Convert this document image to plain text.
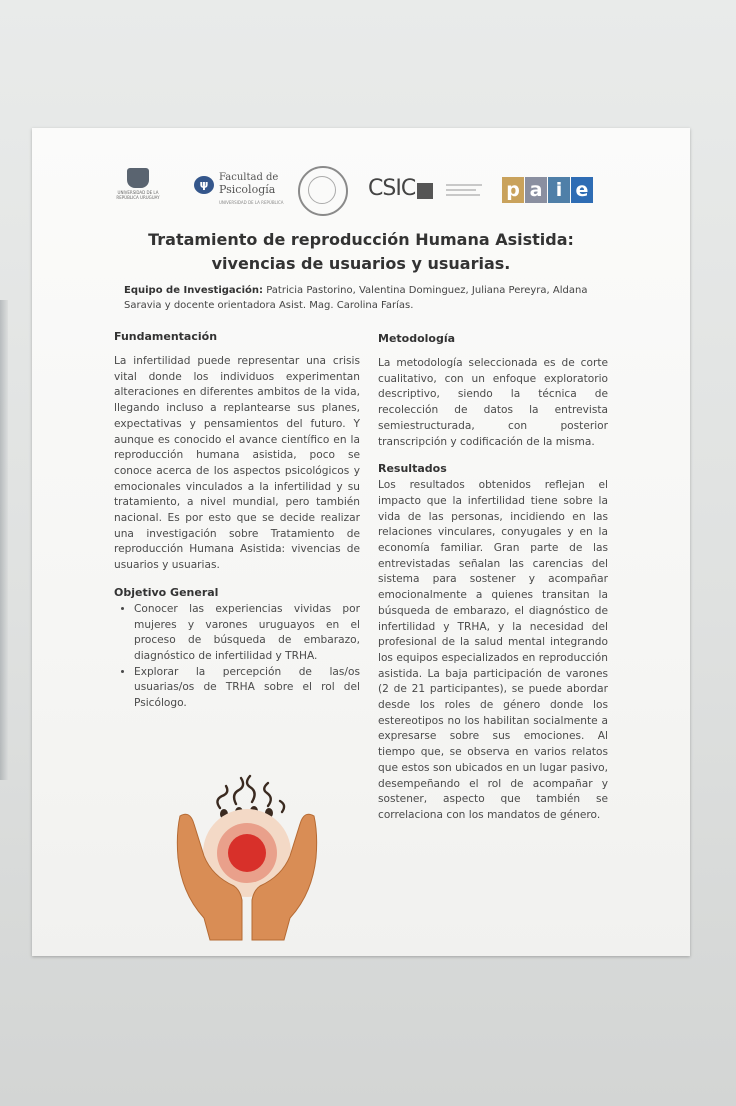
UNIVERSIDAD DE LA REPÚBLICA URUGUAY
ψ
Facultad de
Psicología
UNIVERSIDAD DE LA REPÚBLICA
CSIC	p a i e
Tratamiento de reproducción Humana Asistida:
vivencias de usuarios y usuarias.
Equipo de Investigación: Patricia Pastorino, Valentina Dominguez, Juliana Pereyra, Aldana Saravia y docente orientadora Asist. Mag. Carolina Farías.
Fundamentación

La infertilidad puede representar una crisis vital donde los individuos experimentan alteraciones en diferentes ambitos de la vida, llegando incluso a replantearse sus planes, expectativas y pensamientos del futuro. Y aunque es conocido el avance científico en la reproducción humana asistida, poco se conoce acerca de los aspectos psicológicos y emocionales vinculados a la infertilidad y su tratamiento, a nivel mundial, pero también nacional. Es por esto que se decide realizar una investigación sobre Tratamiento de reproducción Humana Asistida: vivencias de usuarios y usuarias.

Objetivo General
• Conocer las experiencias vividas por mujeres y varones uruguayos en el proceso de búsqueda de embarazo, diagnóstico de infertilidad y TRHA.
• Explorar la percepción de las/os usuarias/os de TRHA sobre el rol del Psicólogo.
Metodología

La metodología seleccionada es de corte cualitativo, con un enfoque exploratorio descriptivo, siendo la técnica de recolección de datos la entrevista semiestructurada, con posterior transcripción y codificación de la misma.

Resultados

Los resultados obtenidos reflejan el impacto que la infertilidad tiene sobre la vida de las personas, incidiendo en las relaciones vinculares, conyugales y en la economía familiar. Gran parte de las entrevistadas señalan las carencias del sistema para sostener y acompañar emocionalmente a quienes transitan la búsqueda de embarazo, el diagnóstico de infertilidad y TRHA, y la necesidad del profesional de la salud mental integrando los equipos especializados en reproducción asistida. La baja participación de varones (2 de 21 participantes), se puede abordar desde los roles de género donde los estereotipos no los habilitan socialmente a expresarse sobre sus emociones. Al tiempo que, se observa en varios relatos que estos son ubicados en un lugar pasivo, desempeñando el rol de acompañar y sostener, aspecto que también se correlaciona con los mandatos de género.
